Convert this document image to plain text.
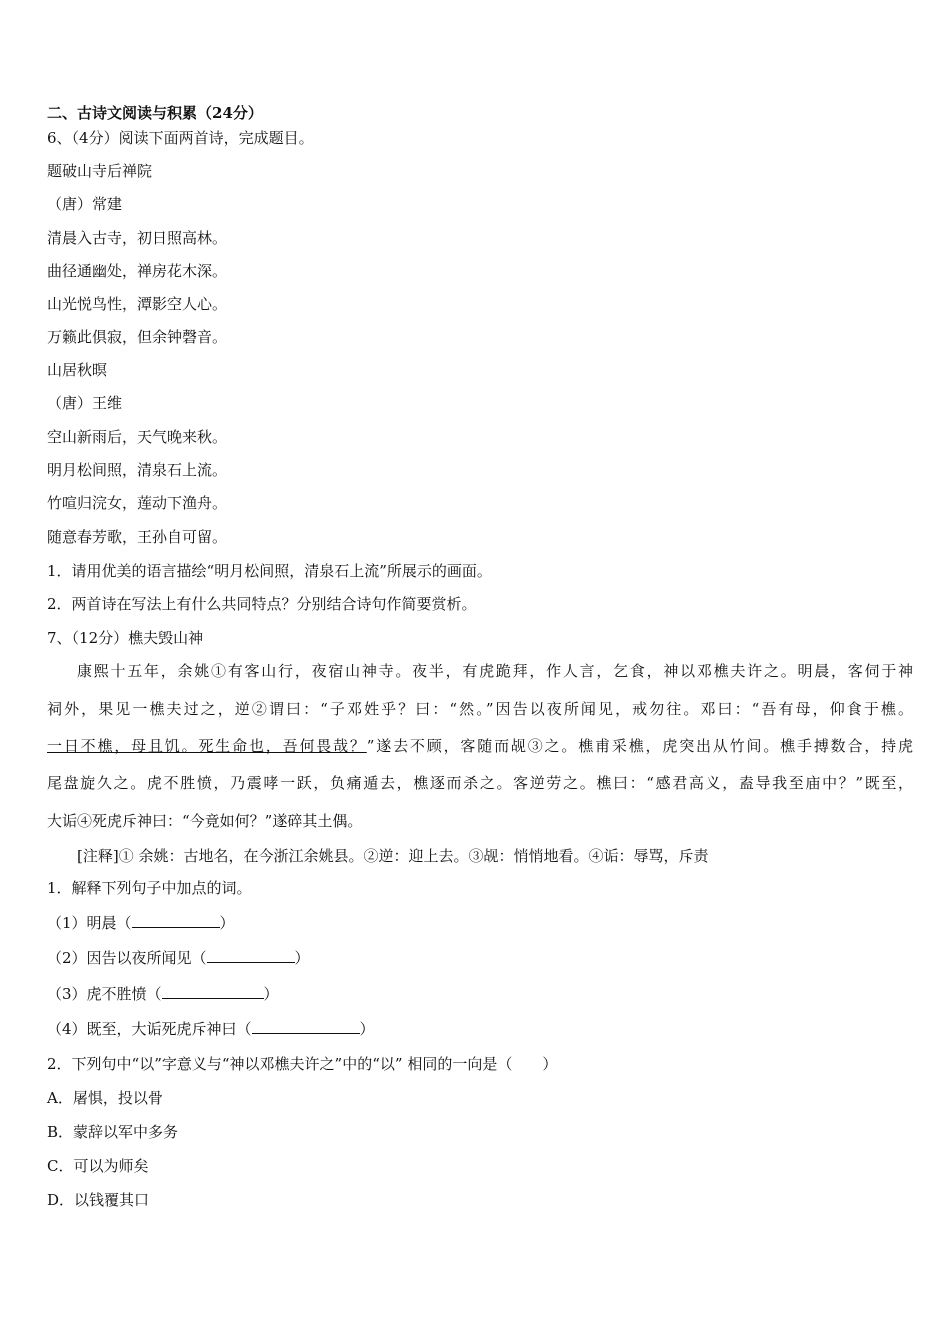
二、古诗文阅读与积累（24分）
6、（4分）阅读下面两首诗，完成题目。
题破山寺后禅院
（唐）常建
清晨入古寺，初日照高林。
曲径通幽处，禅房花木深。
山光悦鸟性，潭影空人心。
万籁此俱寂，但余钟磬音。
山居秋暝
（唐）王维
空山新雨后，天气晚来秋。
明月松间照，清泉石上流。
竹喧归浣女，莲动下渔舟。
随意春芳歌，王孙自可留。
1．请用优美的语言描绘“明月松间照，清泉石上流”所展示的画面。
2．两首诗在写法上有什么共同特点？分别结合诗句作简要赏析。
7、（12分）樵夫毁山神
康熙十五年，余姚①有客山行，夜宿山神寺。夜半，有虎跪拜，作人言，乞食，神以邓樵夫许之。明晨，客伺于神
祠外，果见一樵夫过之，逆②谓曰：“子邓姓乎？曰：“然。”因告以夜所闻见，戒勿往。邓曰：“吾有母，仰食于樵。
一日不樵，母且饥。死生命也，吾何畏哉？”遂去不顾，客随而觇③之。樵甫采樵，虎突出从竹间。樵手搏数合，持虎
尾盘旋久之。虎不胜愤，乃震哮一跃，负痛遁去，樵逐而杀之。客逆劳之。樵曰：“感君高义，盍导我至庙中？”既至，
大诟④死虎斥神曰：“今竟如何？”遂碎其土偶。
[注释]① 余姚：古地名，在今浙江余姚县。②逆：迎上去。③觇：悄悄地看。④诟：辱骂，斥责
1．解释下列句子中加点的词。
（1）明晨（	）
（2）因告以夜所闻见（	）
（3）虎不胜愤（	）
（4）既至，大诟死虎斥神曰（	）
2．下列句中“以”字意义与“神以邓樵夫许之”中的“以” 相同的一向是（　　）
A．屠惧，投以骨
B．蒙辞以军中多务
C．可以为师矣
D．以钱覆其口
